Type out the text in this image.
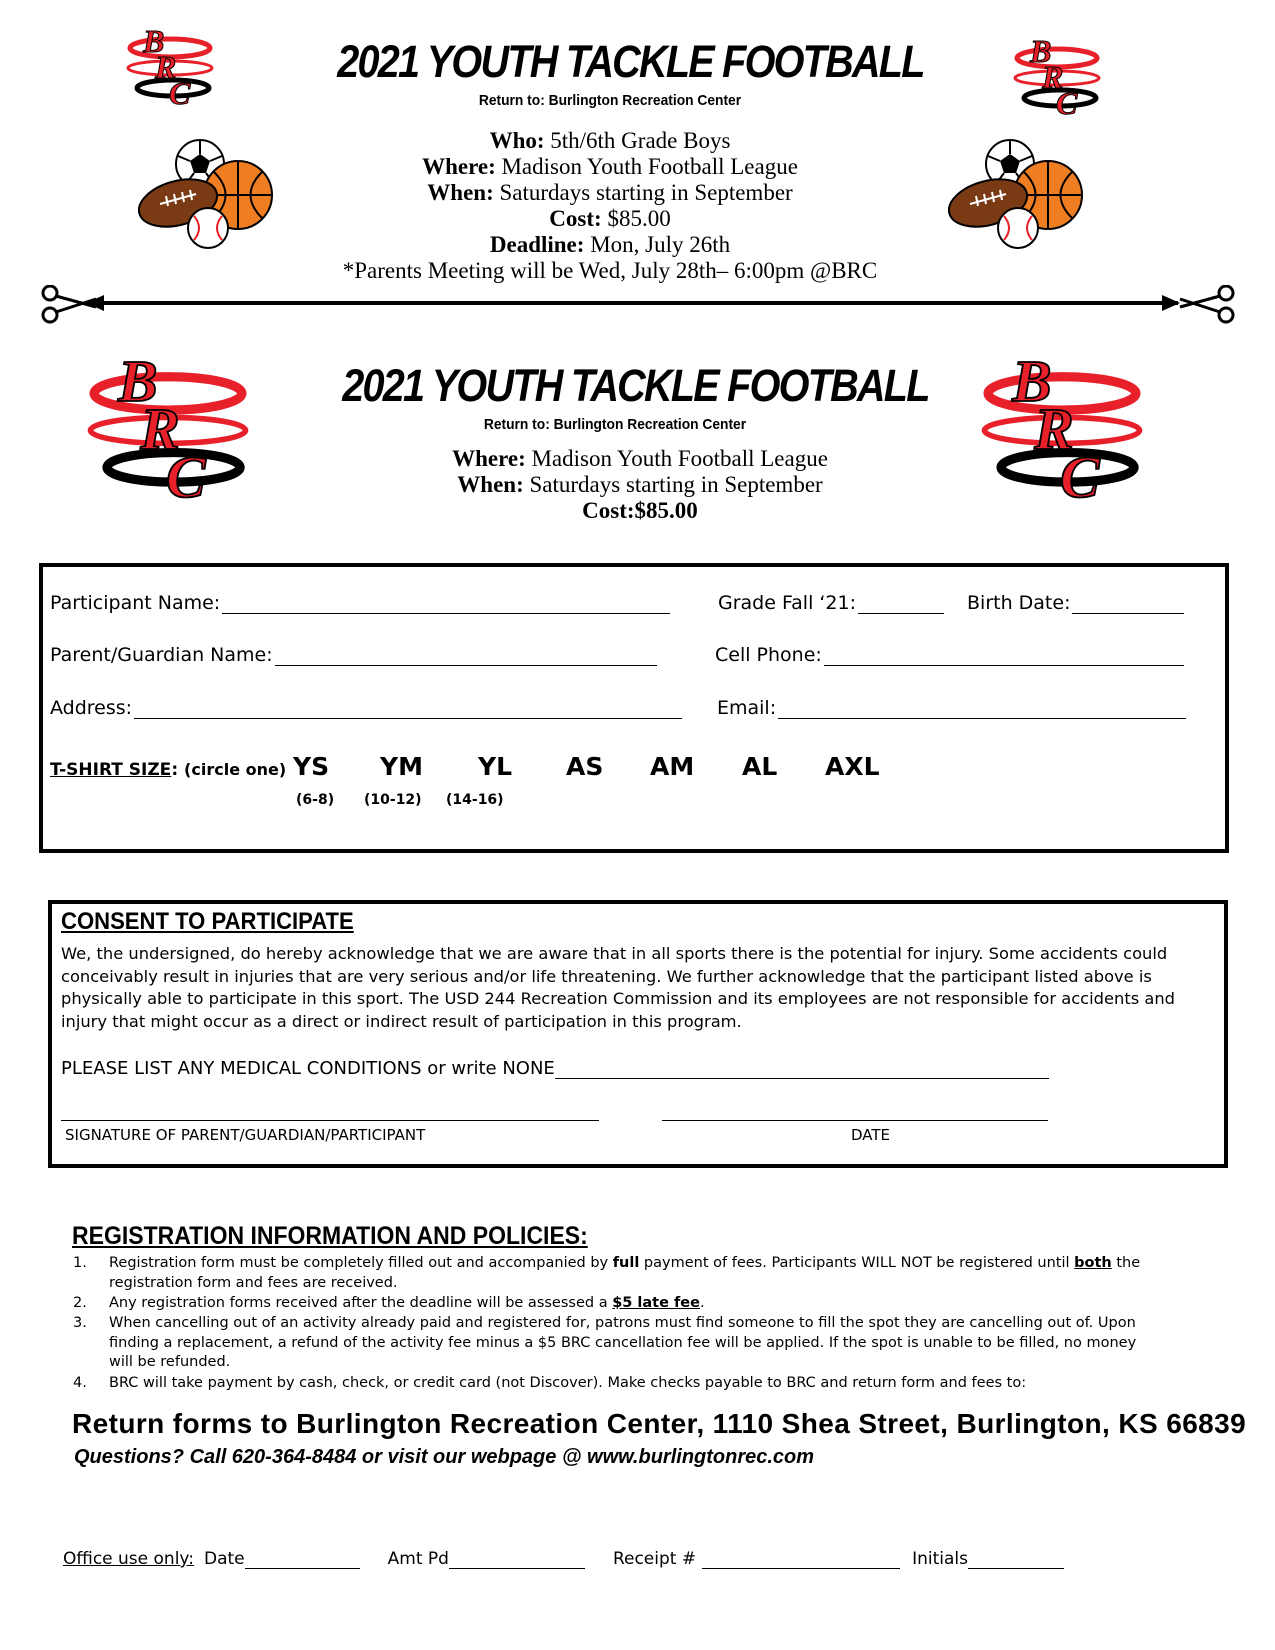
B
R
C
B
R
C
2021 YOUTH TACKLE FOOTBALL
Return to: Burlington Recreation Center
Who: 5th/6th Grade Boys
Where: Madison Youth Football League
When: Saturdays starting in September
Cost: $85.00
Deadline: Mon, July 26th
*Parents Meeting will be Wed, July 28th– 6:00pm @BRC
B
R
C
B
R
C
2021 YOUTH TACKLE FOOTBALL
Return to: Burlington Recreation Center
Where: Madison Youth Football League
When: Saturdays starting in September
Cost:$85.00
Participant Name:	Grade Fall ‘21:	Birth Date:
Parent/Guardian Name:	Cell Phone:
Address:	Email:
T-SHIRT SIZE: (circle one) YS YM YL AS AM AL AXL
(6-8) (10-12) (14-16)
CONSENT TO PARTICIPATE

We, the undersigned, do hereby acknowledge that we are aware that in all sports there is the potential for injury. Some accidents could

conceivably result in injuries that are very serious and/or life threatening. We further acknowledge that the participant listed above is

physically able to participate in this sport. The USD 244 Recreation Commission and its employees are not responsible for accidents and

injury that might occur as a direct or indirect result of participation in this program.

PLEASE LIST ANY MEDICAL CONDITIONS or write NONE
SIGNATURE OF PARENT/GUARDIAN/PARTICIPANT	DATE
REGISTRATION INFORMATION AND POLICIES:
1. Registration form must be completely filled out and accompanied by full payment of fees. Participants WILL NOT be registered until both the
registration form and fees are received.
2. Any registration forms received after the deadline will be assessed a $5 late fee.
3. When cancelling out of an activity already paid and registered for, patrons must find someone to fill the spot they are cancelling out of. Upon
finding a replacement, a refund of the activity fee minus a $5 BRC cancellation fee will be applied. If the spot is unable to be filled, no money
will be refunded.
4. BRC will take payment by cash, check, or credit card (not Discover). Make checks payable to BRC and return form and fees to:
Return forms to Burlington Recreation Center, 1110 Shea Street, Burlington, KS 66839
Questions? Call 620-364-8484 or visit our webpage @ www.burlingtonrec.com
Office use only: Date	Amt Pd	Receipt #	Initials
